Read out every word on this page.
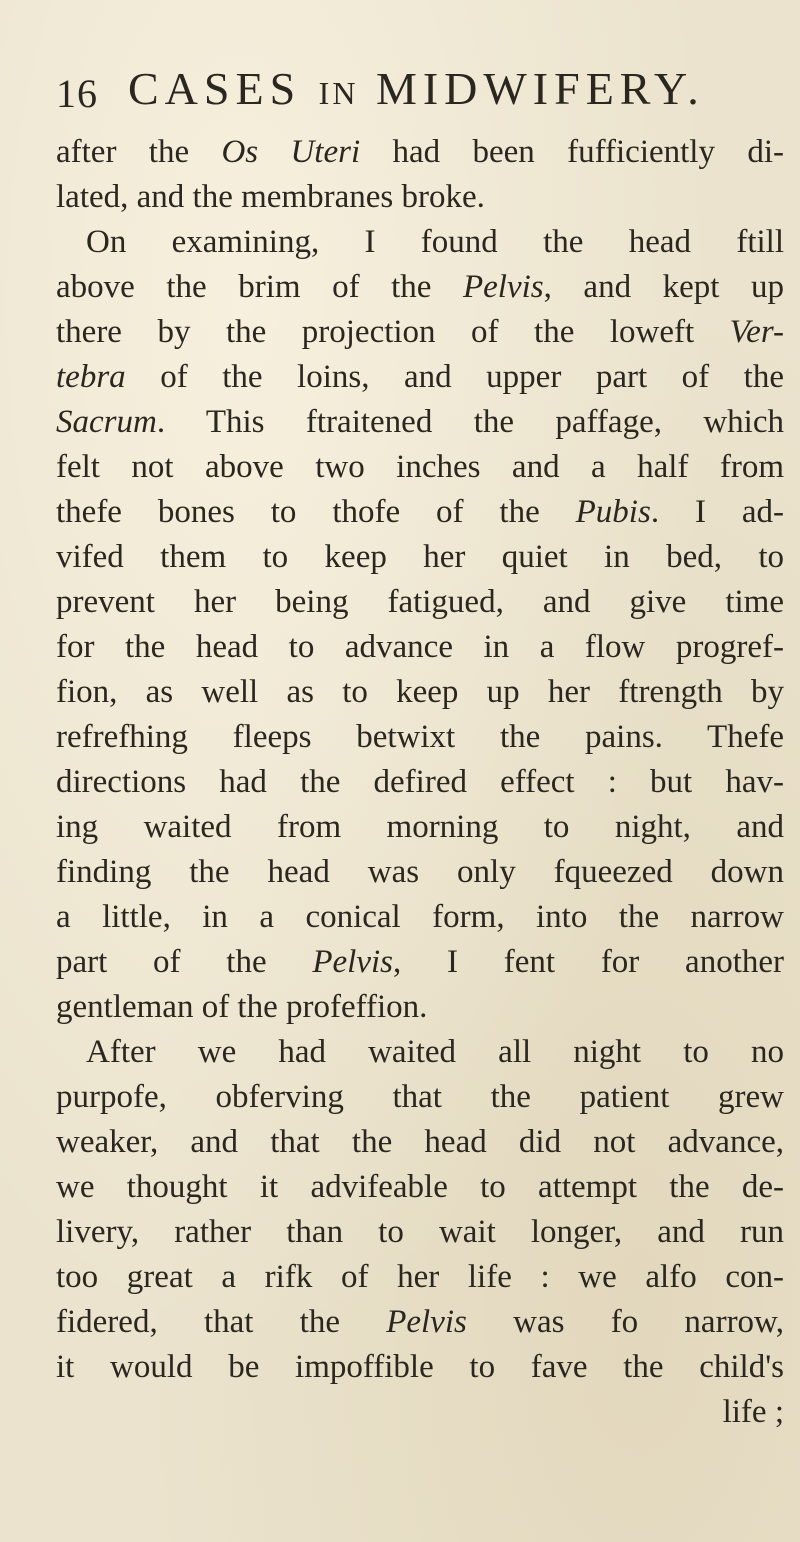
16 CASES IN MIDWIFERY.
after the Os Uteri had been fufficiently di-
lated, and the membranes broke.
On examining, I found the head ftill
above the brim of the Pelvis, and kept up
there by the projection of the loweft Ver-
tebra of the loins, and upper part of the
Sacrum. This ftraitened the paffage, which
felt not above two inches and a half from
thefe bones to thofe of the Pubis. I ad-
vifed them to keep her quiet in bed, to
prevent her being fatigued, and give time
for the head to advance in a flow progref-
fion, as well as to keep up her ftrength by
refrefhing fleeps betwixt the pains. Thefe
directions had the defired effect : but hav-
ing waited from morning to night, and
finding the head was only fqueezed down
a little, in a conical form, into the narrow
part of the Pelvis, I fent for another
gentleman of the profeffion.
After we had waited all night to no
purpofe, obferving that the patient grew
weaker, and that the head did not advance,
we thought it advifeable to attempt the de-
livery, rather than to wait longer, and run
too great a rifk of her life : we alfo con-
fidered, that the Pelvis was fo narrow,
it would be impoffible to fave the child's
life ;
